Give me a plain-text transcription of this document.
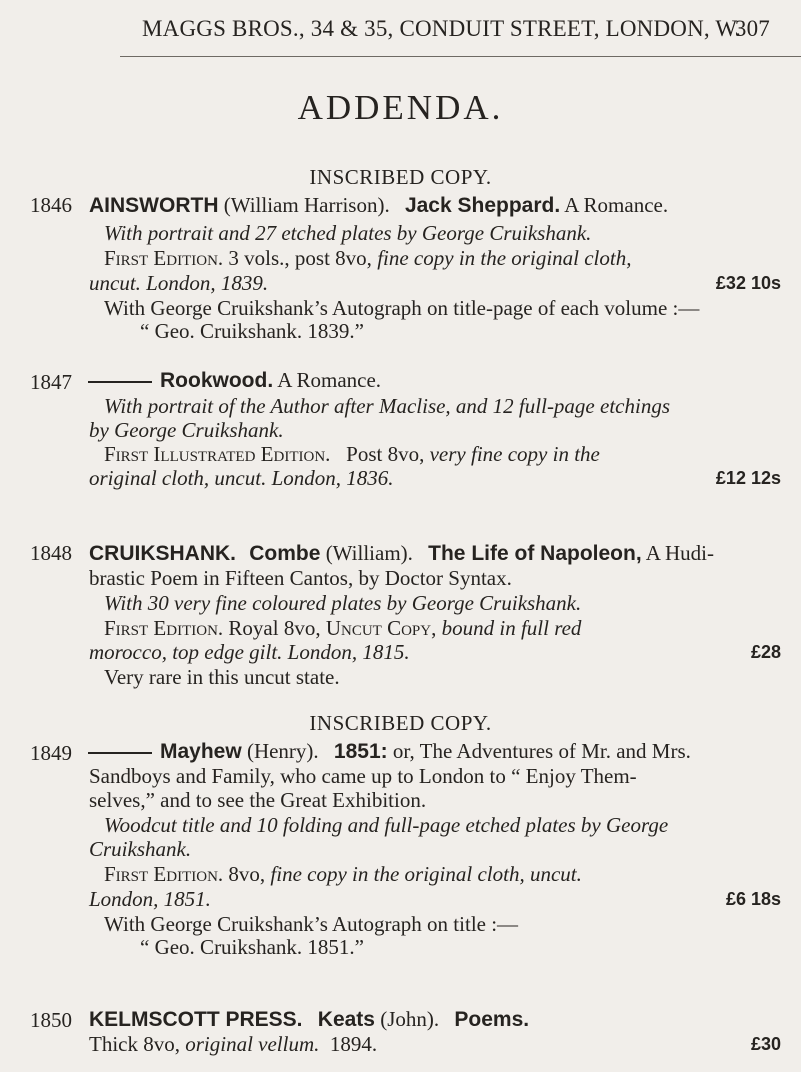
MAGGS BROS., 34 & 35, CONDUIT STREET, LONDON, W.
307
ADDENDA.
INSCRIBED COPY.
1846 AINSWORTH (William Harrison). Jack Sheppard. A Romance.
With portrait and 27 etched plates by George Cruikshank.
First Edition. 3 vols., post 8vo, fine copy in the original cloth,
uncut. London, 1839.	£32 10s
With George Cruikshank’s Autograph on title-page of each volume :—
“ Geo. Cruikshank. 1839.”
1847	Rookwood. A Romance.
With portrait of the Author after Maclise, and 12 full-page etchings
by George Cruikshank.
First Illustrated Edition.   Post 8vo, very fine copy in the
original cloth, uncut. London, 1836.	£12 12s
1848 CRUIKSHANK. Combe (William). The Life of Napoleon, A Hudi-
brastic Poem in Fifteen Cantos, by Doctor Syntax.
With 30 very fine coloured plates by George Cruikshank.
First Edition. Royal 8vo, Uncut Copy, bound in full red
morocco, top edge gilt. London, 1815.	£28
Very rare in this uncut state.
INSCRIBED COPY.
1849	Mayhew (Henry). 1851: or, The Adventures of Mr. and Mrs.
Sandboys and Family, who came up to London to “ Enjoy Them-
selves,” and to see the Great Exhibition.
Woodcut title and 10 folding and full-page etched plates by George
Cruikshank.
First Edition. 8vo, fine copy in the original cloth, uncut.
London, 1851.	£6 18s
With George Cruikshank’s Autograph on title :—
“ Geo. Cruikshank. 1851.”
1850 KELMSCOTT PRESS. Keats (John). Poems.
Thick 8vo, original vellum.  1894.	£30
